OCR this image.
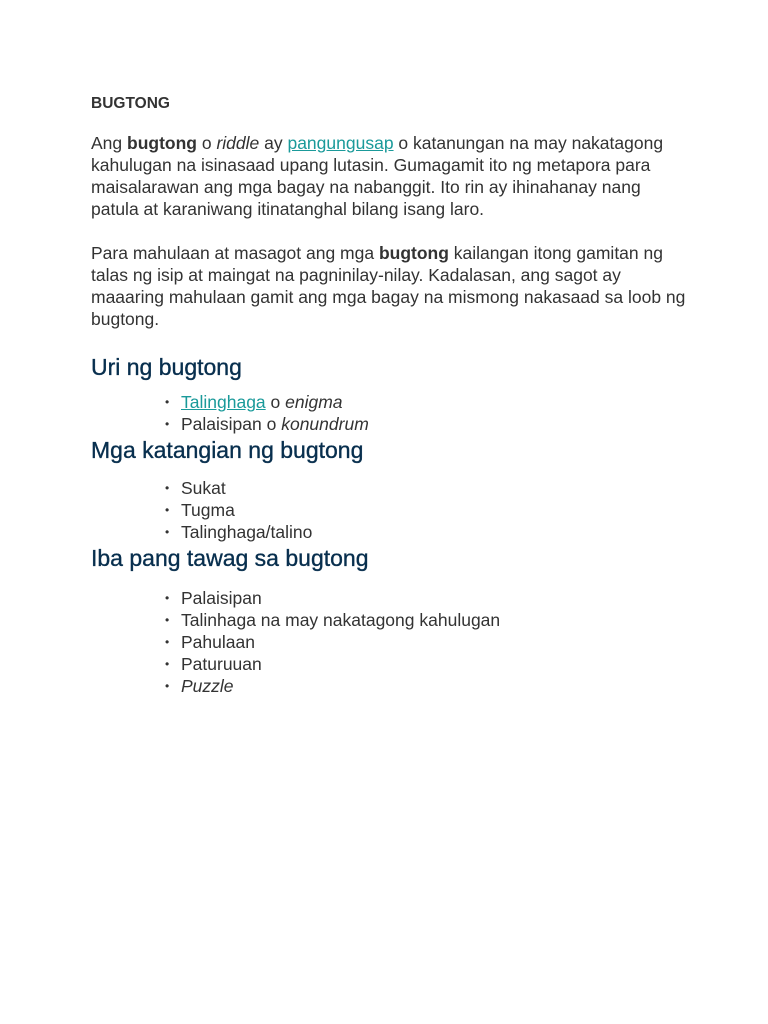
BUGTONG

Ang bugtong o riddle ay pangungusap o katanungan na may nakatagong kahulugan na isinasaad upang lutasin. Gumagamit ito ng metapora para maisalarawan ang mga bagay na nabanggit. Ito rin ay ihinahanay nang patula at karaniwang itinatanghal bilang isang laro.

Para mahulaan at masagot ang mga bugtong kailangan itong gamitan ng talas ng isip at maingat na pagninilay-nilay. Kadalasan, ang sagot ay maaaring mahulaan gamit ang mga bagay na mismong nakasaad sa loob ng bugtong.

Uri ng bugtong
• Talinghaga o enigma
• Palaisipan o konundrum
Mga katangian ng bugtong
• Sukat
• Tugma
• Talinghaga/talino
Iba pang tawag sa bugtong
• Palaisipan
• Talinhaga na may nakatagong kahulugan
• Pahulaan
• Paturuuan
• Puzzle
